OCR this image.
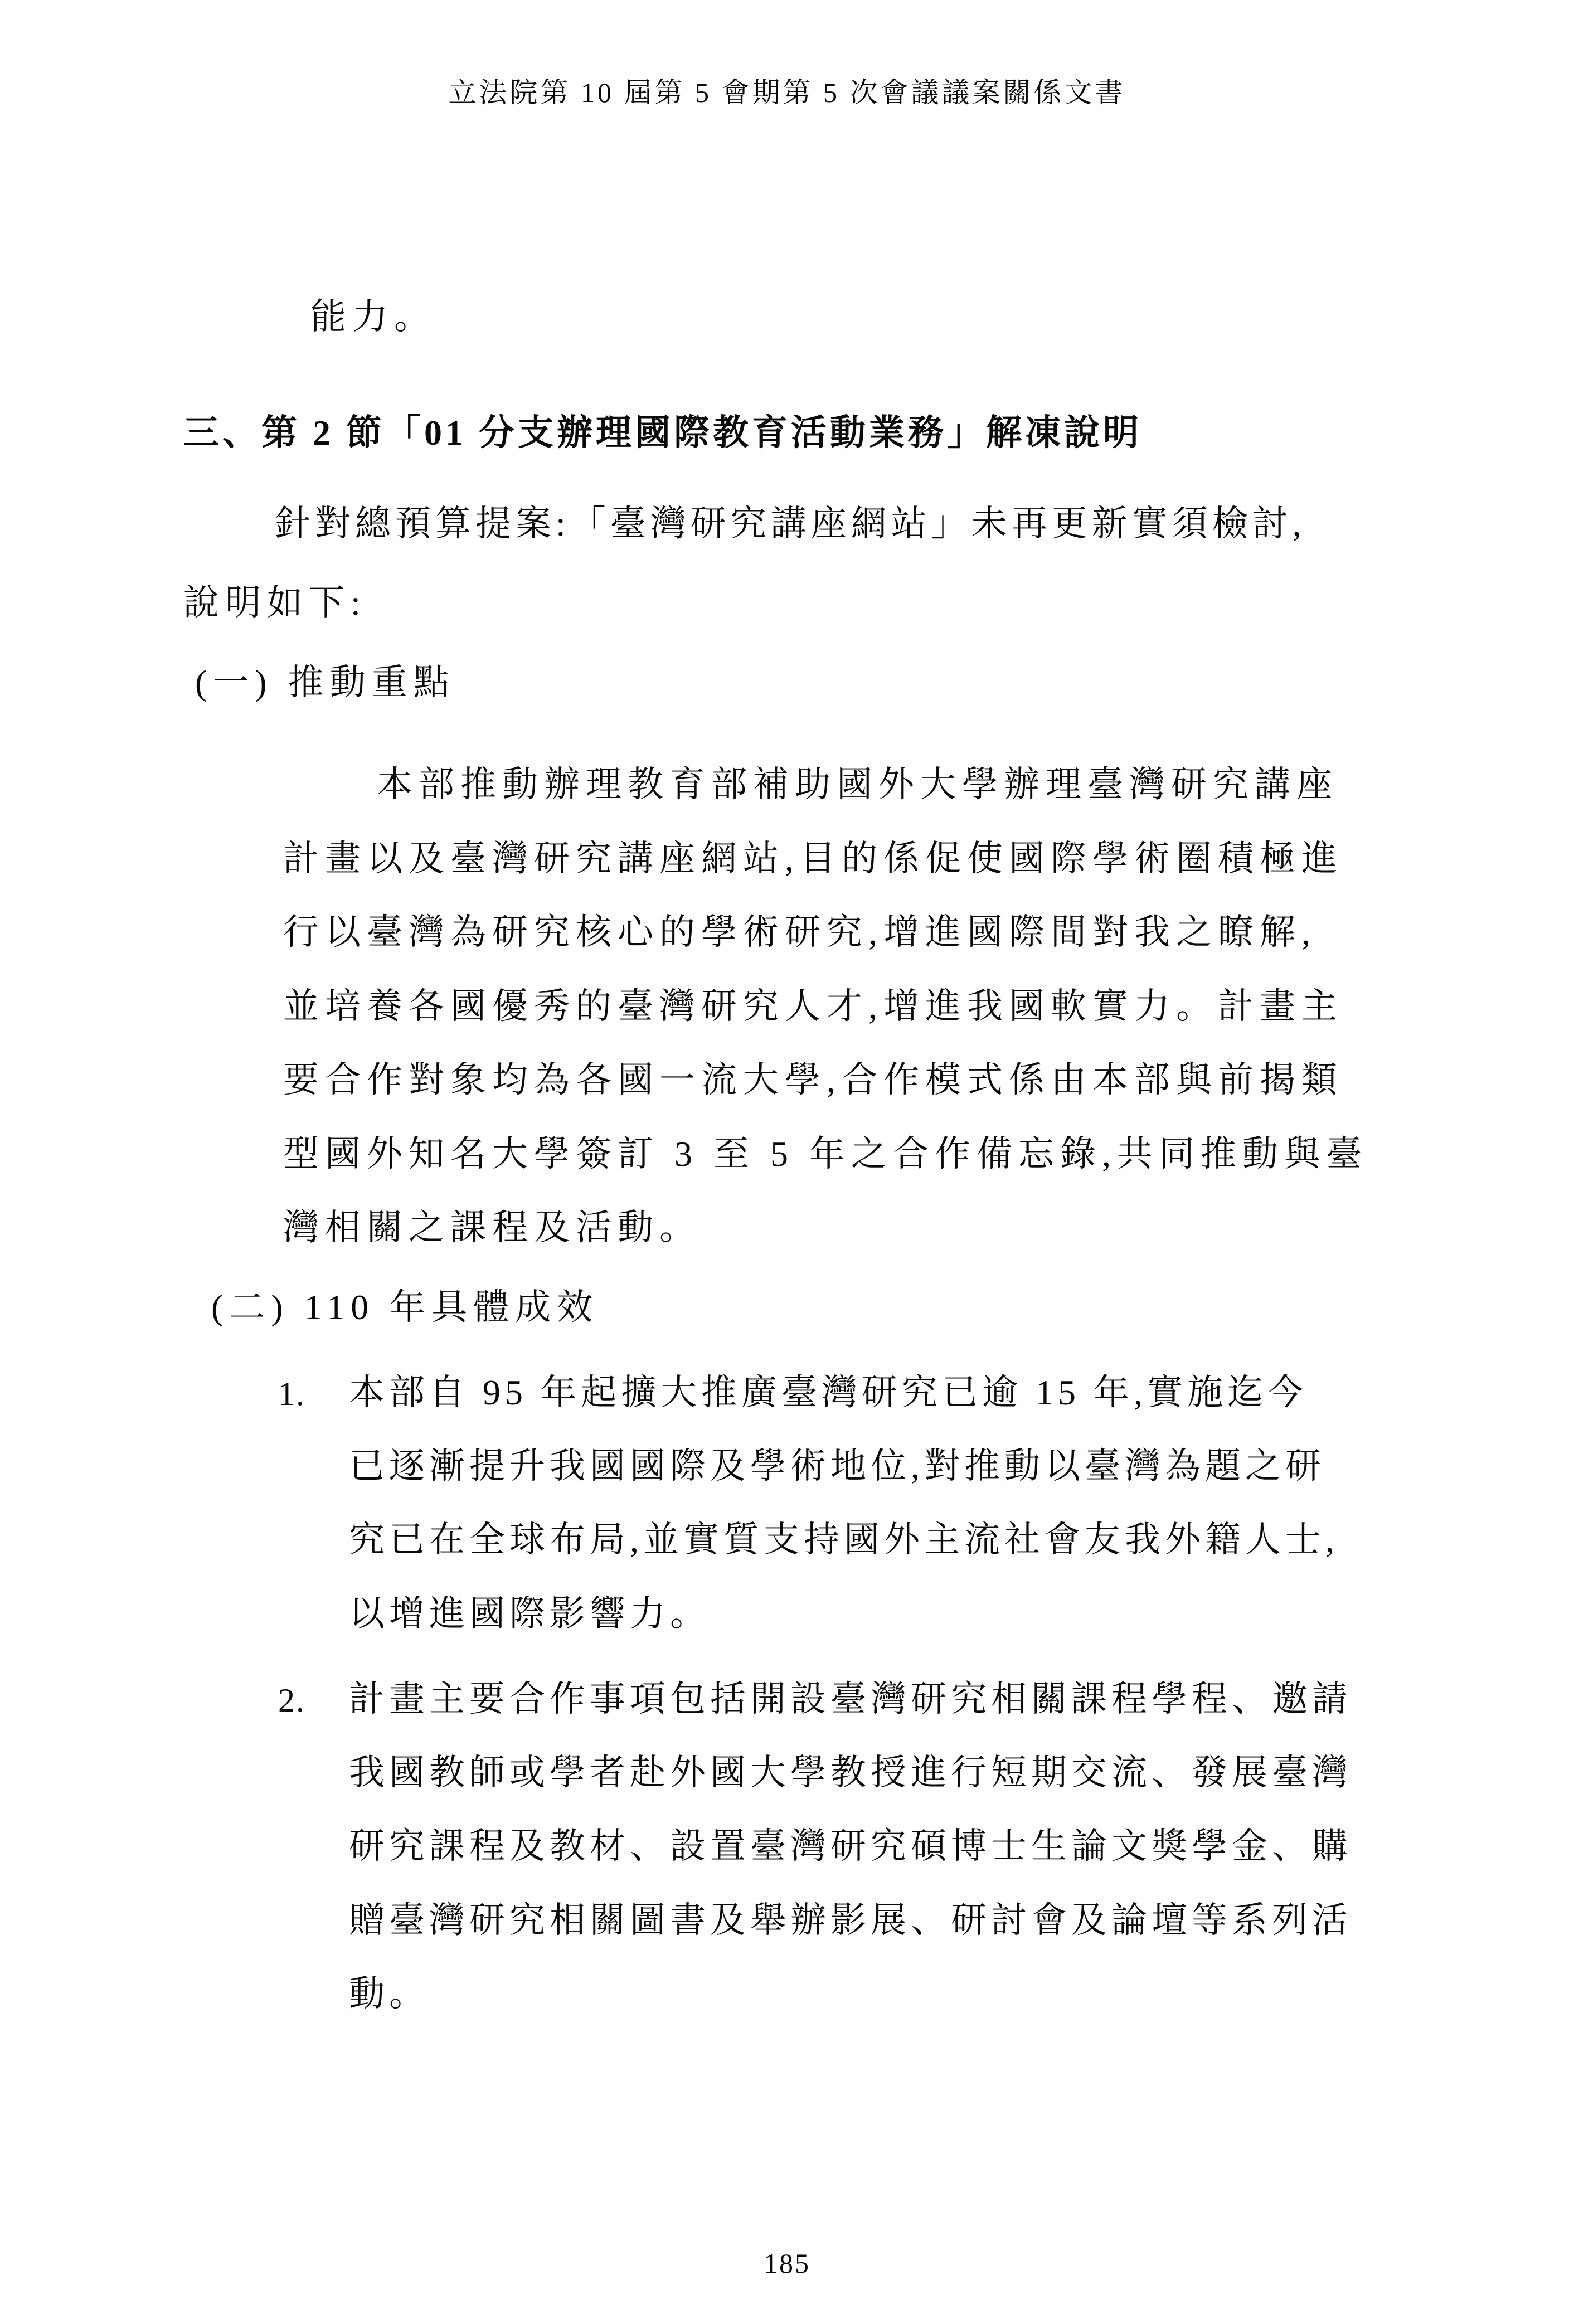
立法院第 10 屆第 5 會期第 5 次會議議案關係文書
能力。
三、第 2 節「01 分支辦理國際教育活動業務」解凍說明
針對總預算提案:「臺灣研究講座網站」未再更新實須檢討,
說明如下:
(一) 推動重點
本部推動辦理教育部補助國外大學辦理臺灣研究講座
計畫以及臺灣研究講座網站,目的係促使國際學術圈積極進
行以臺灣為研究核心的學術研究,增進國際間對我之瞭解,
並培養各國優秀的臺灣研究人才,增進我國軟實力。計畫主
要合作對象均為各國一流大學,合作模式係由本部與前揭類
型國外知名大學簽訂 3 至 5 年之合作備忘錄,共同推動與臺
灣相關之課程及活動。
(二) 110 年具體成效
1. 本部自 95 年起擴大推廣臺灣研究已逾 15 年,實施迄今
已逐漸提升我國國際及學術地位,對推動以臺灣為題之研
究已在全球布局,並實質支持國外主流社會友我外籍人士,
以增進國際影響力。
2. 計畫主要合作事項包括開設臺灣研究相關課程學程、邀請
我國教師或學者赴外國大學教授進行短期交流、發展臺灣
研究課程及教材、設置臺灣研究碩博士生論文獎學金、購
贈臺灣研究相關圖書及舉辦影展、研討會及論壇等系列活
動。
185
